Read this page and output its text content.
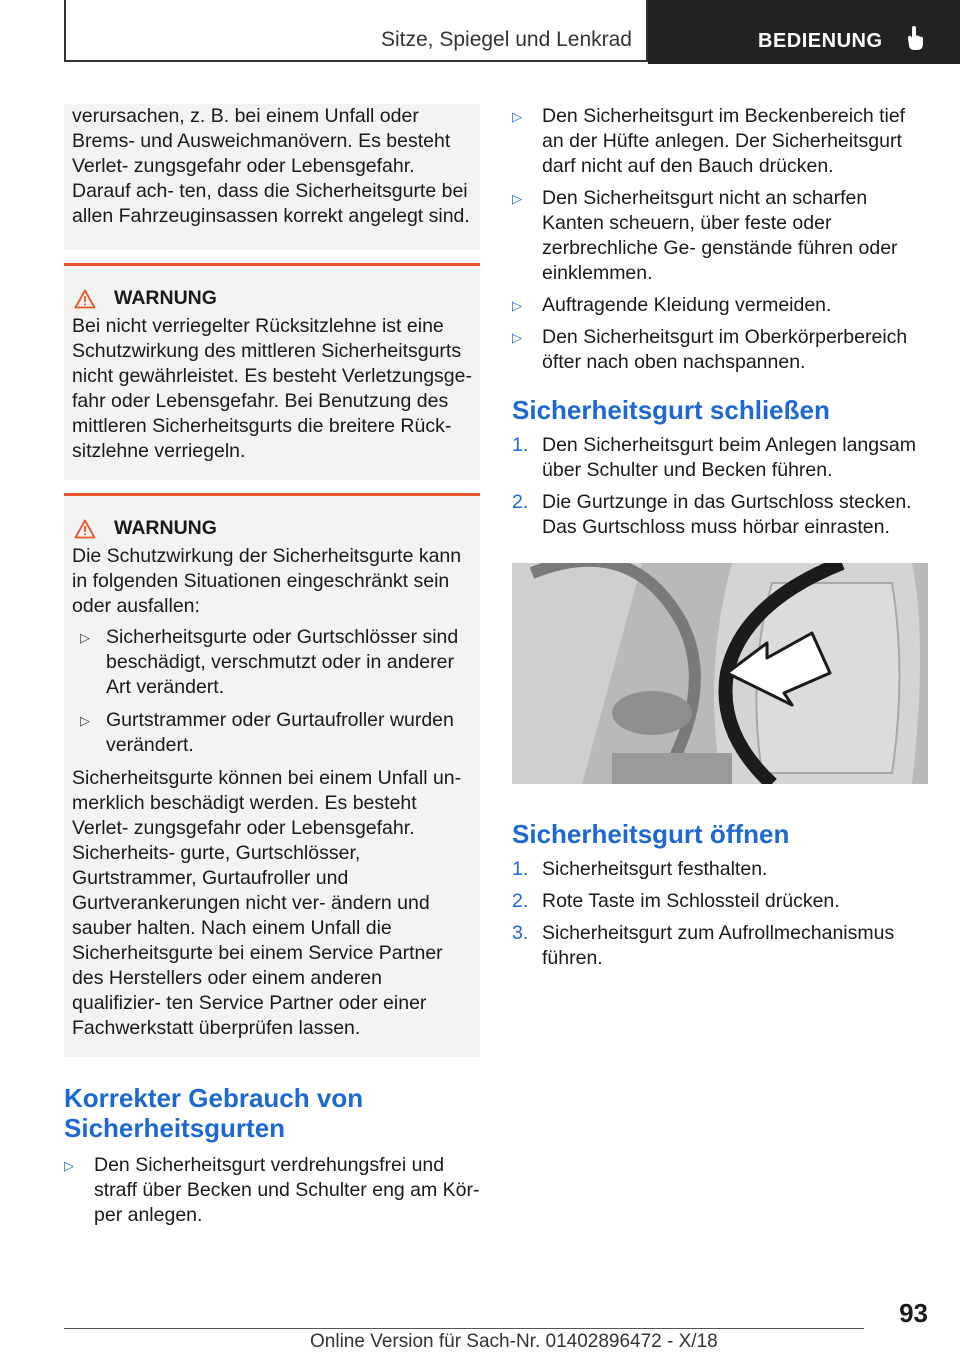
Sitze, Spiegel und Lenkrad	BEDIENUNG

verursachen, z. B. bei einem Unfall oder Brems- und Ausweichmanövern. Es besteht Verlet- zungsgefahr oder Lebensgefahr. Darauf ach- ten, dass die Sicherheitsgurte bei allen Fahrzeuginsassen korrekt angelegt sind.

WARNUNG

Bei nicht verriegelter Rücksitzlehne ist eine Schutzwirkung des mittleren Sicherheitsgurts nicht gewährleistet. Es besteht Verletzungsge- fahr oder Lebensgefahr. Bei Benutzung des mittleren Sicherheitsgurts die breitere Rück- sitzlehne verriegeln.

WARNUNG

Die Schutzwirkung der Sicherheitsgurte kann in folgenden Situationen eingeschränkt sein oder ausfallen:

▷ Sicherheitsgurte oder Gurtschlösser sind beschädigt, verschmutzt oder in anderer Art verändert.
▷ Gurtstrammer oder Gurtaufroller wurden verändert.

Sicherheitsgurte können bei einem Unfall un- merklich beschädigt werden. Es besteht Verlet- zungsgefahr oder Lebensgefahr. Sicherheits- gurte, Gurtschlösser, Gurtstrammer, Gurtaufroller und Gurtverankerungen nicht ver- ändern und sauber halten. Nach einem Unfall die Sicherheitsgurte bei einem Service Partner des Herstellers oder einem anderen qualifizier- ten Service Partner oder einer Fachwerkstatt überprüfen lassen.

Korrekter Gebrauch von Sicherheitsgurten
▷ Den Sicherheitsgurt verdrehungsfrei und straff über Becken und Schulter eng am Kör- per anlegen.
▷ Den Sicherheitsgurt im Beckenbereich tief an der Hüfte anlegen. Der Sicherheitsgurt darf nicht auf den Bauch drücken.
▷ Den Sicherheitsgurt nicht an scharfen Kanten scheuern, über feste oder zerbrechliche Ge- genstände führen oder einklemmen.
▷ Auftragende Kleidung vermeiden.
▷ Den Sicherheitsgurt im Oberkörperbereich öfter nach oben nachspannen.
Sicherheitsgurt schließen
1. Den Sicherheitsgurt beim Anlegen langsam über Schulter und Becken führen.
2. Die Gurtzunge in das Gurtschloss stecken. Das Gurtschloss muss hörbar einrasten.
Sicherheitsgurt öffnen
1. Sicherheitsgurt festhalten.
2. Rote Taste im Schlossteil drücken.
3. Sicherheitsgurt zum Aufrollmechanismus führen.
93
Online Version für Sach-Nr. 01402896472 - X/18
